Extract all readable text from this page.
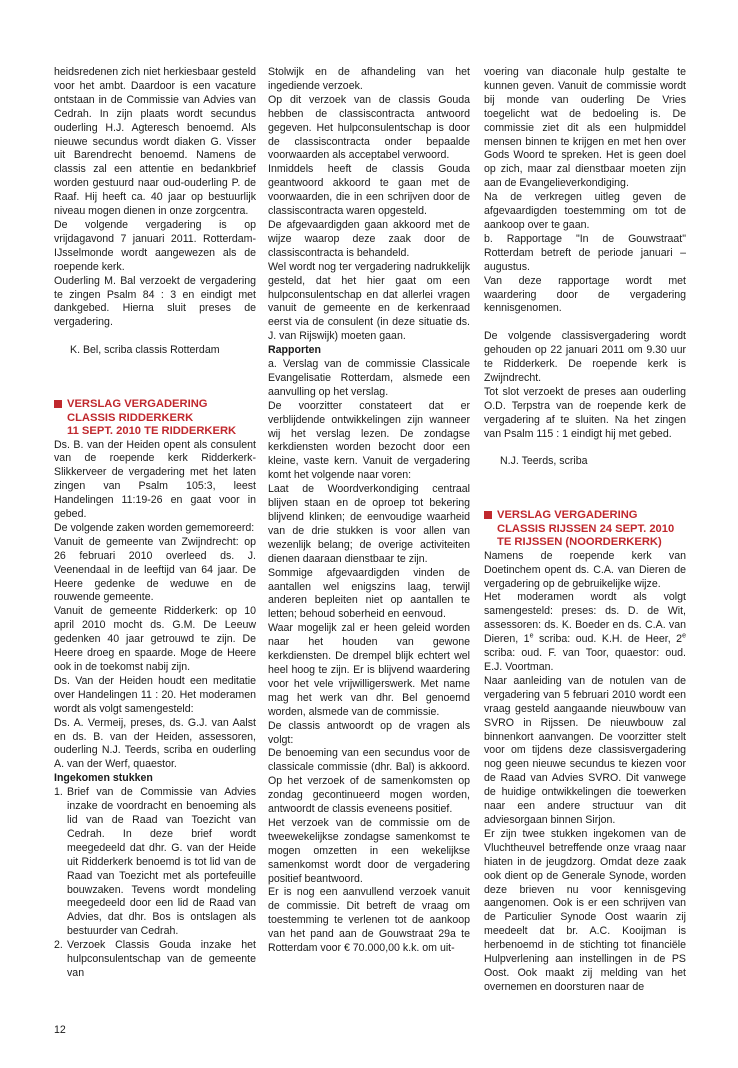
heidsredenen zich niet herkiesbaar gesteld voor het ambt. Daardoor is een vacature ontstaan in de Commissie van Advies van Cedrah. In zijn plaats wordt secundus ouderling H.J. Agteresch benoemd. Als nieuwe secundus wordt diaken G. Visser uit Barendrecht benoemd. Namens de classis zal een attentie en bedankbrief worden gestuurd naar oud-ouderling P. de Raaf. Hij heeft ca. 40 jaar op bestuurlijk niveau mogen dienen in onze zorgcentra.

De volgende vergadering is op vrijdagavond 7 januari 2011. Rotterdam-IJsselmonde wordt aangewezen als de roepende kerk.

Ouderling M. Bal verzoekt de vergadering te zingen Psalm 84 : 3 en eindigt met dankgebed. Hierna sluit preses de vergadering.

K. Bel, scriba classis Rotterdam

VERSLAG VERGADERING
CLASSIS RIDDERKERK
11 SEPT. 2010 TE RIDDERKERK

Ds. B. van der Heiden opent als consulent van de roepende kerk Ridderkerk-Slikkerveer de vergadering met het laten zingen van Psalm 105:3, leest Handelingen 11:19-26 en gaat voor in gebed.

De volgende zaken worden gememoreerd:

Vanuit de gemeente van Zwijndrecht: op 26 februari 2010 overleed ds. J. Veenendaal in de leeftijd van 64 jaar. De Heere gedenke de weduwe en de rouwende gemeente.

Vanuit de gemeente Ridderkerk: op 10 april 2010 mocht ds. G.M. De Leeuw gedenken 40 jaar getrouwd te zijn. De Heere droeg en spaarde. Moge de Heere ook in de toekomst nabij zijn.

Ds. Van der Heiden houdt een meditatie over Handelingen 11 : 20. Het moderamen wordt als volgt samengesteld:

Ds. A. Vermeij, preses, ds. G.J. van Aalst en ds. B. van der Heiden, assessoren, ouderling N.J. Teerds, scriba en ouderling A. van der Werf, quaestor.

Ingekomen stukken

1. Brief van de Commissie van Advies inzake de voordracht en benoeming als lid van de Raad van Toezicht van Cedrah. In deze brief wordt meegedeeld dat dhr. G. van der Heide uit Ridderkerk benoemd is tot lid van de Raad van Toezicht met als portefeuille bouwzaken. Tevens wordt mondeling meegedeeld door een lid de Raad van Advies, dat dhr. Bos is ontslagen als bestuurder van Cedrah.
2. Verzoek Classis Gouda inzake het hulpconsulentschap van de gemeente van

Stolwijk en de afhandeling van het ingediende verzoek.

Op dit verzoek van de classis Gouda hebben de classiscontracta antwoord gegeven. Het hulpconsulentschap is door de classiscontracta onder bepaalde voorwaarden als acceptabel verwoord.

Inmiddels heeft de classis Gouda geantwoord akkoord te gaan met de voorwaarden, die in een schrijven door de classiscontracta waren opgesteld.

De afgevaardigden gaan akkoord met de wijze waarop deze zaak door de classiscontracta is behandeld.

Wel wordt nog ter vergadering nadrukkelijk gesteld, dat het hier gaat om een hulpconsulentschap en dat allerlei vragen vanuit de gemeente en de kerkenraad eerst via de consulent (in deze situatie ds. J. van Rijswijk) moeten gaan.

Rapporten

a. Verslag van de commissie Classicale Evangelisatie Rotterdam, alsmede een aanvulling op het verslag.

De voorzitter constateert dat er verblijdende ontwikkelingen zijn wanneer wij het verslag lezen. De zondagse kerkdiensten worden bezocht door een kleine, vaste kern. Vanuit de vergadering komt het volgende naar voren:

Laat de Woordverkondiging centraal blijven staan en de oproep tot bekering blijvend klinken; de eenvoudige waarheid van de drie stukken is voor allen van wezenlijk belang; de overige activiteiten dienen daaraan dienstbaar te zijn.

Sommige afgevaardigden vinden de aantallen wel enigszins laag, terwijl anderen bepleiten niet op aantallen te letten; behoud soberheid en eenvoud.

Waar mogelijk zal er heen geleid worden naar het houden van gewone kerkdiensten. De drempel blijk echtert wel heel hoog te zijn. Er is blijvend waardering voor het vele vrijwilligerswerk. Met name mag het werk van dhr. Bel genoemd worden, alsmede van de commissie.

De classis antwoordt op de vragen als volgt:

De benoeming van een secundus voor de classicale commissie (dhr. Bal) is akkoord. Op het verzoek of de samenkomsten op zondag gecontinueerd mogen worden, antwoordt de classis eveneens positief.

Het verzoek van de commissie om de tweewekelijkse zondagse samenkomst te mogen omzetten in een wekelijkse samenkomst wordt door de vergadering positief beantwoord.

Er is nog een aanvullend verzoek vanuit de commissie. Dit betreft de vraag om toestemming te verlenen tot de aankoop van het pand aan de Gouwstraat 29a te Rotterdam voor € 70.000,00 k.k. om uit-

voering van diaconale hulp gestalte te kunnen geven. Vanuit de commissie wordt bij monde van ouderling De Vries toegelicht wat de bedoeling is. De commissie ziet dit als een hulpmiddel mensen binnen te krijgen en met hen over Gods Woord te spreken. Het is geen doel op zich, maar zal dienstbaar moeten zijn aan de Evangelieverkondiging.

Na de verkregen uitleg geven de afgevaardigden toestemming om tot de aankoop over te gaan.

b. Rapportage "In de Gouwstraat" Rotterdam betreft de periode januari – augustus.

Van deze rapportage wordt met waardering door de vergadering kennisgenomen.

De volgende classisvergadering wordt gehouden op 22 januari 2011 om 9.30 uur te Ridderkerk. De roepende kerk is Zwijndrecht.

Tot slot verzoekt de preses aan ouderling O.D. Terpstra van de roepende kerk de vergadering af te sluiten. Na het zingen van Psalm 115 : 1 eindigt hij met gebed.

N.J. Teerds, scriba

VERSLAG VERGADERING
CLASSIS RIJSSEN 24 SEPT. 2010
TE RIJSSEN (NOORDERKERK)

Namens de roepende kerk van Doetinchem opent ds. C.A. van Dieren de vergadering op de gebruikelijke wijze.

Het moderamen wordt als volgt samengesteld: preses: ds. D. de Wit, assessoren: ds. K. Boeder en ds. C.A. van Dieren, 1e scriba: oud. K.H. de Heer, 2e scriba: oud. F. van Toor, quaestor: oud. E.J. Voortman.

Naar aanleiding van de notulen van de vergadering van 5 februari 2010 wordt een vraag gesteld aangaande nieuwbouw van SVRO in Rijssen. De nieuwbouw zal binnenkort aanvangen. De voorzitter stelt voor om tijdens deze classisvergadering nog geen nieuwe secundus te kiezen voor de Raad van Advies SVRO. Dit vanwege de huidige ontwikkelingen die toewerken naar een andere structuur van dit adviesorgaan binnen Sirjon.

Er zijn twee stukken ingekomen van de Vluchtheuvel betreffende onze vraag naar hiaten in de jeugdzorg. Omdat deze zaak ook dient op de Generale Synode, worden deze brieven nu voor kennisgeving aangenomen. Ook is er een schrijven van de Particulier Synode Oost waarin zij meedeelt dat br. A.C. Kooijman is herbenoemd in de stichting tot financiële Hulpverlening aan instellingen in de PS Oost. Ook maakt zij melding van het overnemen en doorsturen naar de

12
